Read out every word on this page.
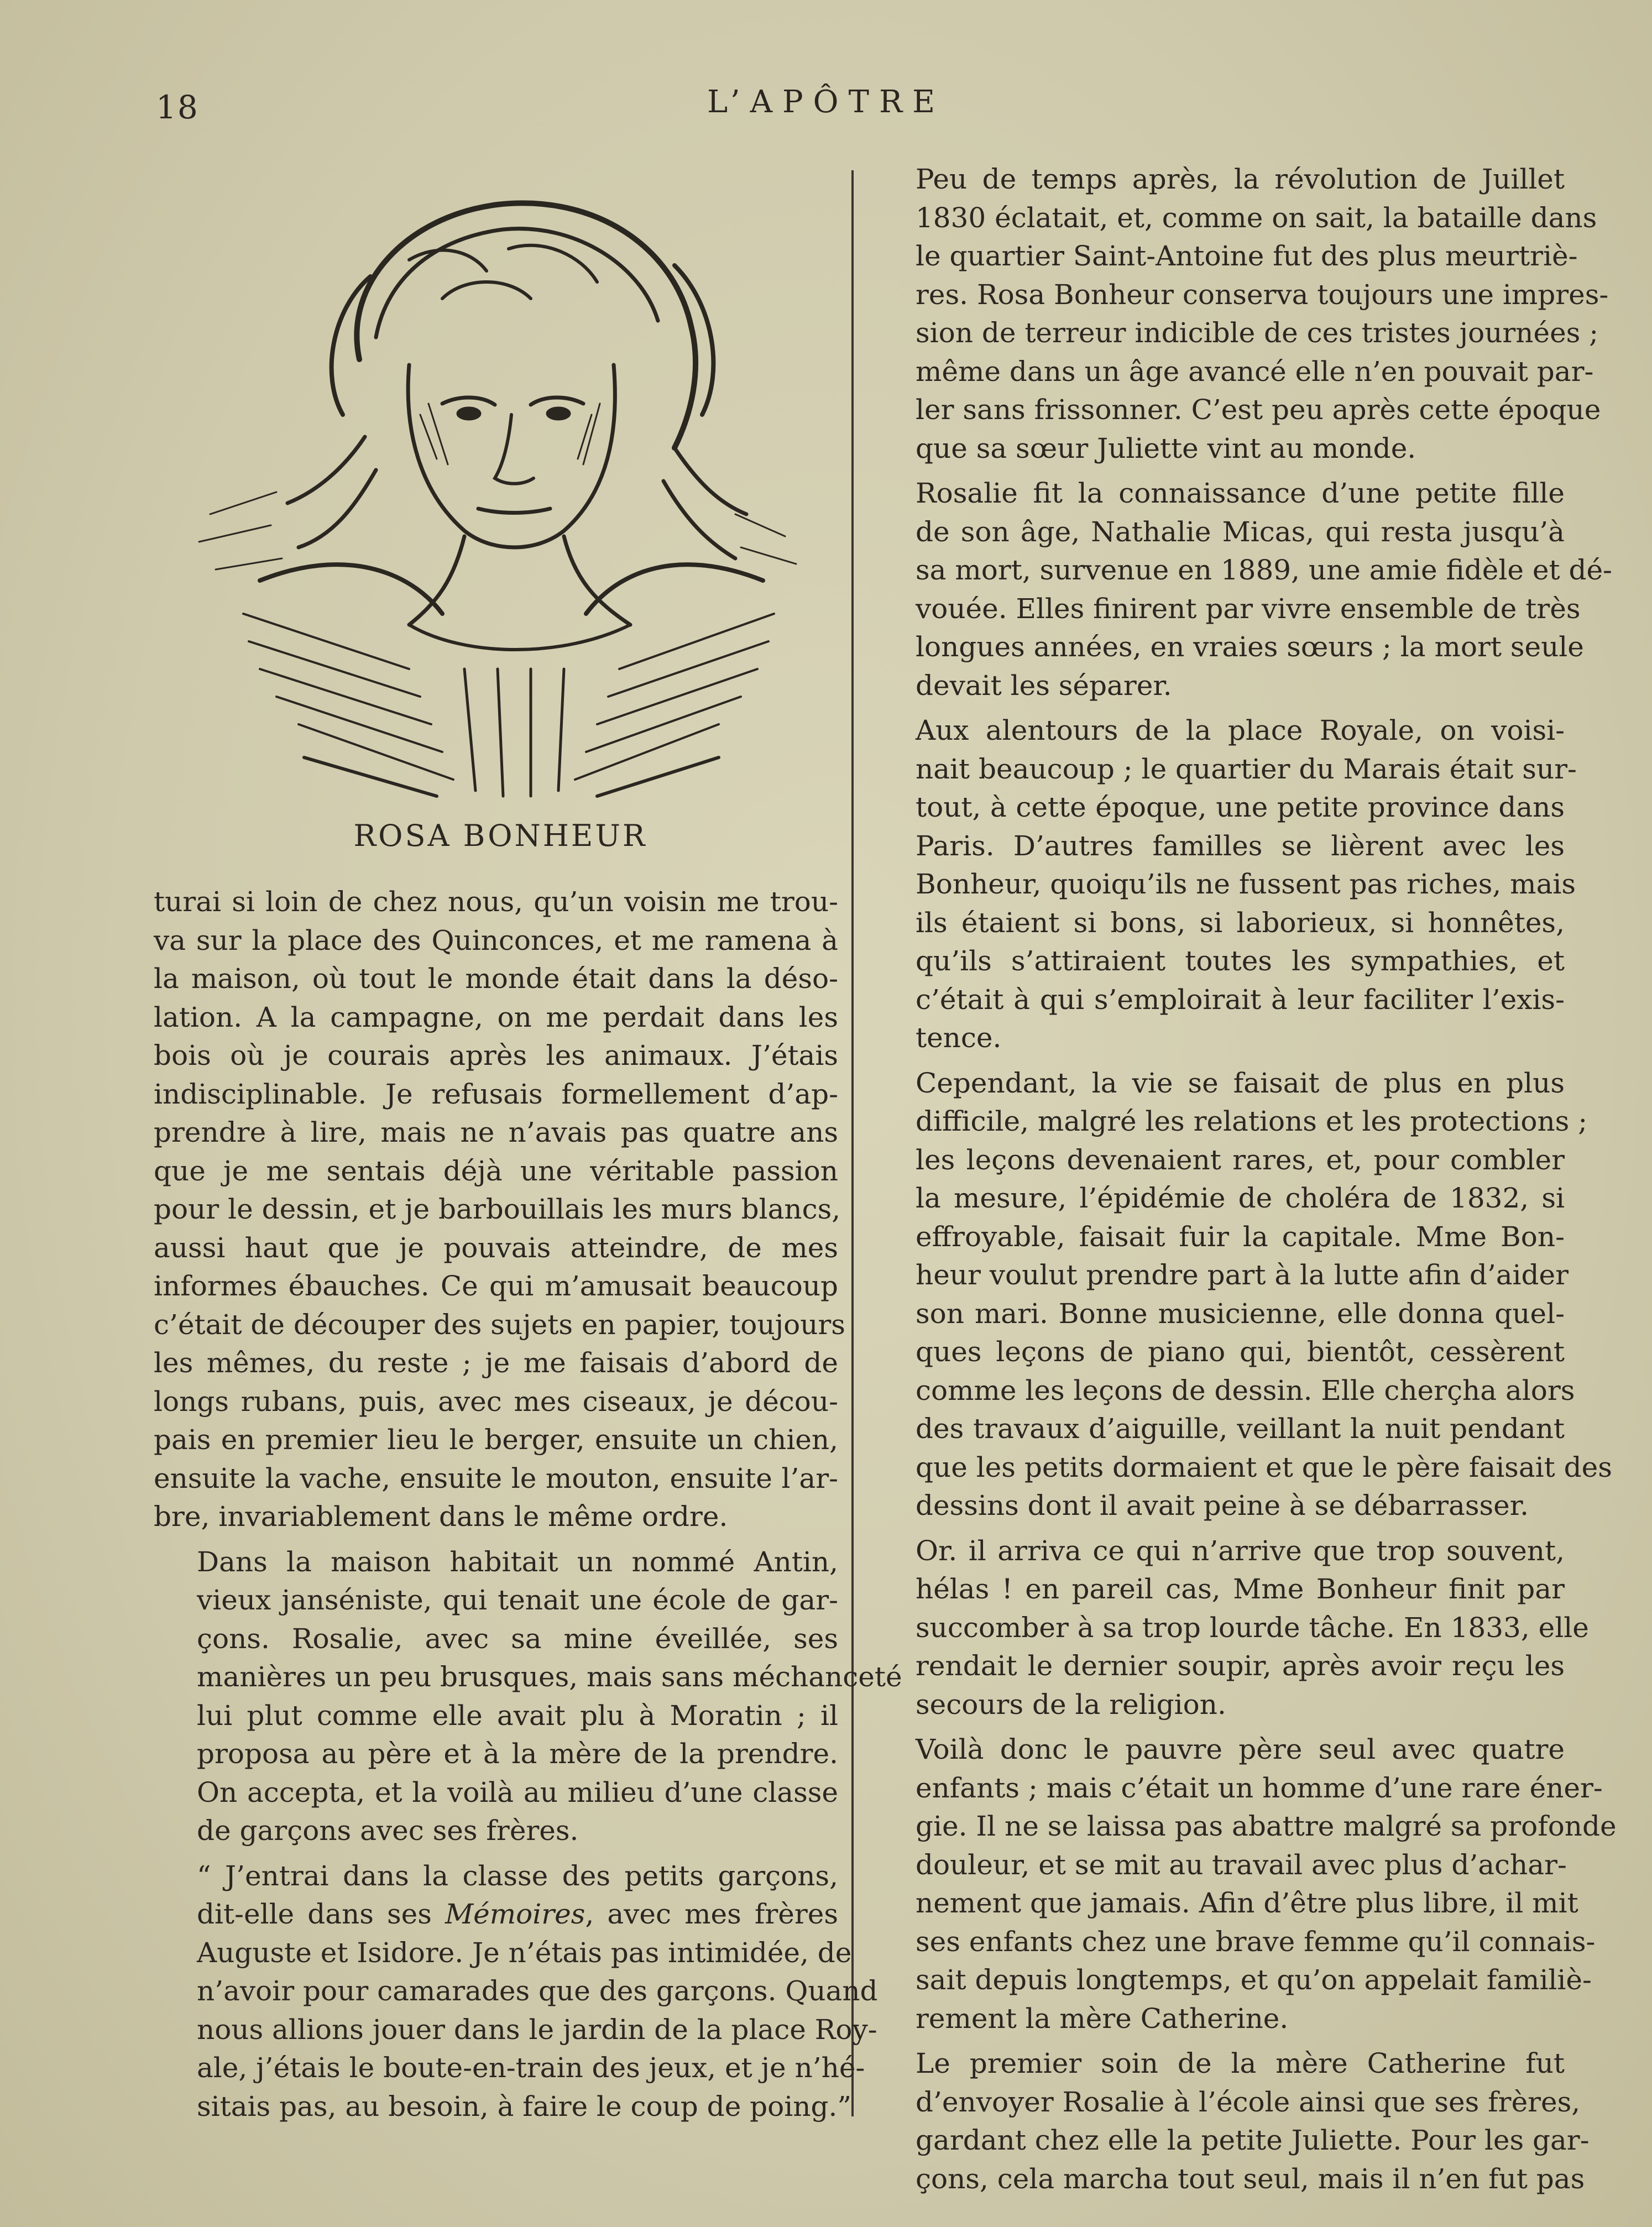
18	L’APÔTRE
ROSA BONHEUR

turai si loin de chez nous, qu’un voisin me trou-
va sur la place des Quinconces, et me ramena à
la maison, où tout le monde était dans la déso-
lation. A la campagne, on me perdait dans les
bois où je courais après les animaux. J’étais
indisciplinable. Je refusais formellement d’ap-
prendre à lire, mais ne n’avais pas quatre ans
que je me sentais déjà une véritable passion
pour le dessin, et je barbouillais les murs blancs,
aussi haut que je pouvais atteindre, de mes
informes ébauches. Ce qui m’amusait beaucoup
c’était de découper des sujets en papier, toujours
les mêmes, du reste ; je me faisais d’abord de
longs rubans, puis, avec mes ciseaux, je décou-
pais en premier lieu le berger, ensuite un chien,
ensuite la vache, ensuite le mouton, ensuite l’ar-
bre, invariablement dans le même ordre.

Dans la maison habitait un nommé Antin,
vieux janséniste, qui tenait une école de gar-
çons. Rosalie, avec sa mine éveillée, ses
manières un peu brusques, mais sans méchanceté
lui plut comme elle avait plu à Moratin ; il
proposa au père et à la mère de la prendre.
On accepta, et la voilà au milieu d’une classe
de garçons avec ses frères.

“ J’entrai dans la classe des petits garçons,
dit-elle dans ses Mémoires, avec mes frères
Auguste et Isidore. Je n’étais pas intimidée, de
n’avoir pour camarades que des garçons. Quand
nous allions jouer dans le jardin de la place Roy-
ale, j’étais le boute-en-train des jeux, et je n’hé-
sitais pas, au besoin, à faire le coup de poing.”

Peu de temps après, la révolution de Juillet
1830 éclatait, et, comme on sait, la bataille dans
le quartier Saint-Antoine fut des plus meurtriè-
res. Rosa Bonheur conserva toujours une impres-
sion de terreur indicible de ces tristes journées ;
même dans un âge avancé elle n’en pouvait par-
ler sans frissonner. C’est peu après cette époque
que sa sœur Juliette vint au monde.

Rosalie fit la connaissance d’une petite fille
de son âge, Nathalie Micas, qui resta jusqu’à
sa mort, survenue en 1889, une amie fidèle et dé-
vouée. Elles finirent par vivre ensemble de très
longues années, en vraies sœurs ; la mort seule
devait les séparer.

Aux alentours de la place Royale, on voisi-
nait beaucoup ; le quartier du Marais était sur-
tout, à cette époque, une petite province dans
Paris. D’autres familles se lièrent avec les
Bonheur, quoiqu’ils ne fussent pas riches, mais
ils étaient si bons, si laborieux, si honnêtes,
qu’ils s’attiraient toutes les sympathies, et
c’était à qui s’emploirait à leur faciliter l’exis-
tence.

Cependant, la vie se faisait de plus en plus
difficile, malgré les relations et les protections ;
les leçons devenaient rares, et, pour combler
la mesure, l’épidémie de choléra de 1832, si
effroyable, faisait fuir la capitale. Mme Bon-
heur voulut prendre part à la lutte afin d’aider
son mari. Bonne musicienne, elle donna quel-
ques leçons de piano qui, bientôt, cessèrent
comme les leçons de dessin. Elle cherçha alors
des travaux d’aiguille, veillant la nuit pendant
que les petits dormaient et que le père faisait des
dessins dont il avait peine à se débarrasser.

Or. il arriva ce qui n’arrive que trop souvent,
hélas ! en pareil cas, Mme Bonheur finit par
succomber à sa trop lourde tâche. En 1833, elle
rendait le dernier soupir, après avoir reçu les
secours de la religion.

Voilà donc le pauvre père seul avec quatre
enfants ; mais c’était un homme d’une rare éner-
gie. Il ne se laissa pas abattre malgré sa profonde
douleur, et se mit au travail avec plus d’achar-
nement que jamais. Afin d’être plus libre, il mit
ses enfants chez une brave femme qu’il connais-
sait depuis longtemps, et qu’on appelait familiè-
rement la mère Catherine.

Le premier soin de la mère Catherine fut
d’envoyer Rosalie à l’école ainsi que ses frères,
gardant chez elle la petite Juliette. Pour les gar-
çons, cela marcha tout seul, mais il n’en fut pas
